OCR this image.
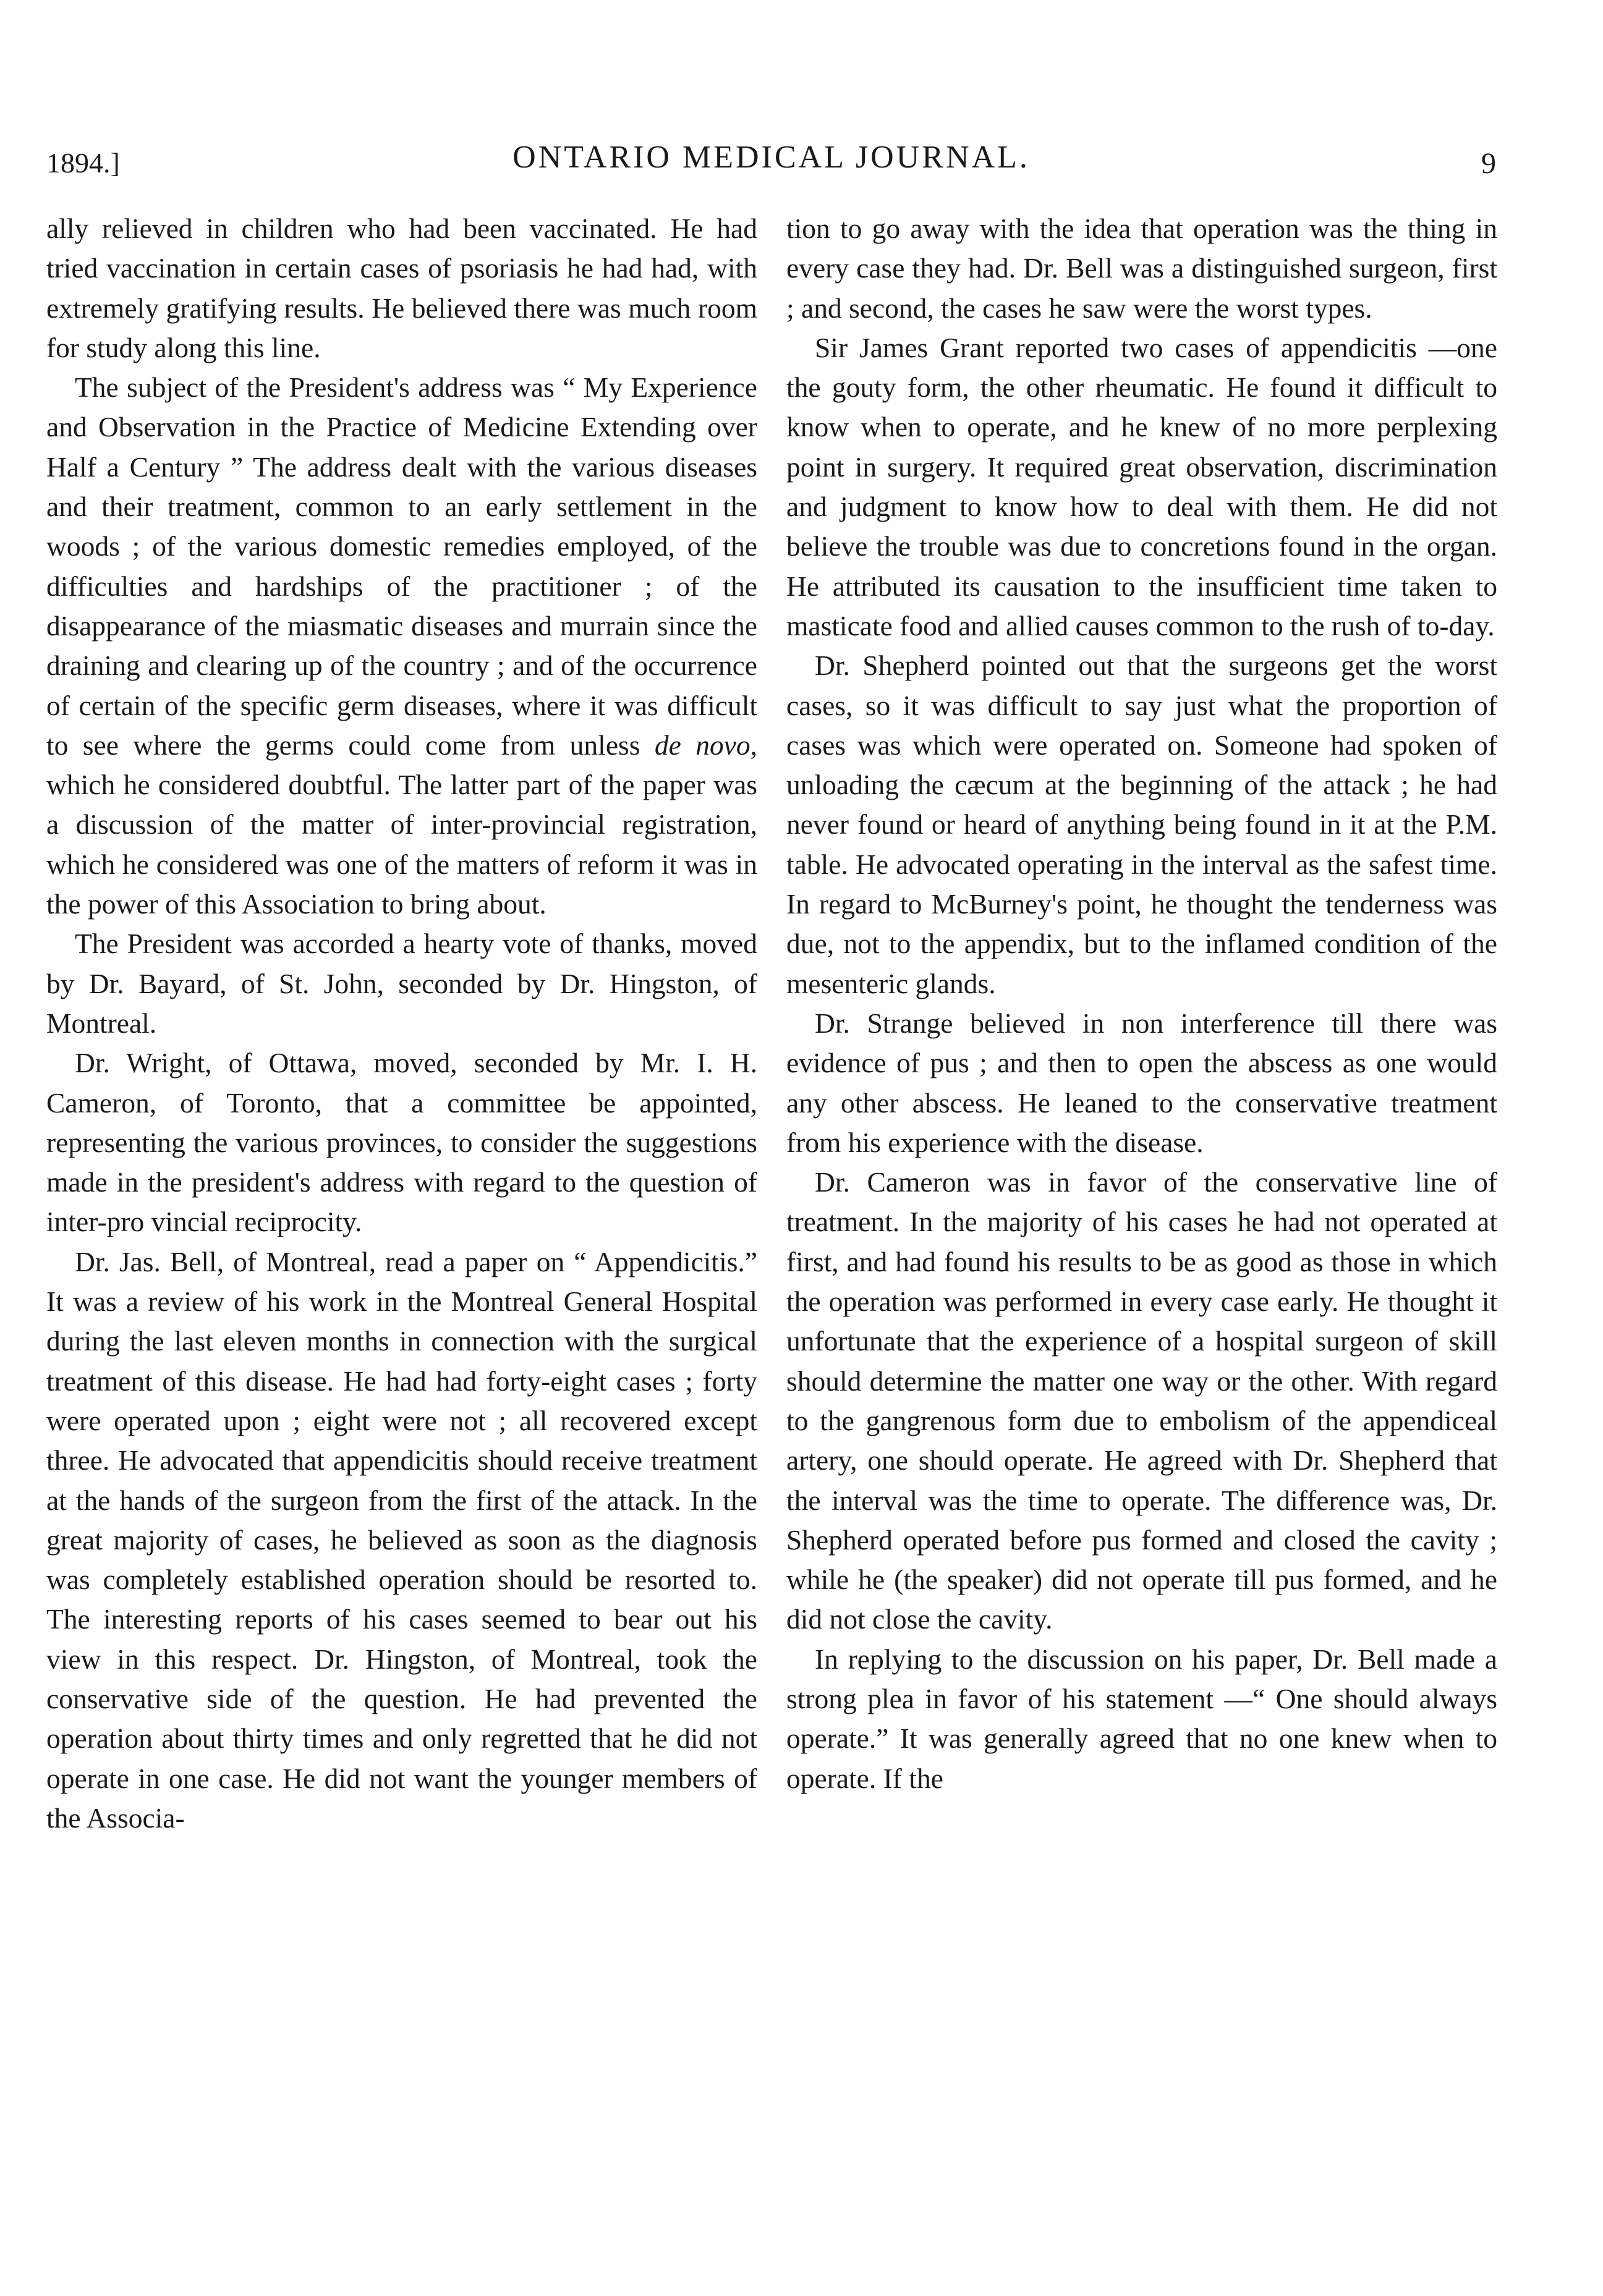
1894.]	ONTARIO MEDICAL JOURNAL.	9

ally relieved in children who had been vaccinated. He had tried vaccination in certain cases of psoriasis he had had, with extremely gratifying results. He believed there was much room for study along this line.

The subject of the President's address was “ My Experience and Observation in the Practice of Medicine Extending over Half a Century ” The address dealt with the various diseases and their treatment, common to an early settlement in the woods ; of the various domestic remedies employed, of the difficulties and hardships of the practitioner ; of the disappearance of the miasmatic diseases and murrain since the draining and clearing up of the country ; and of the occurrence of certain of the specific germ diseases, where it was difficult to see where the germs could come from unless de novo, which he considered doubtful. The latter part of the paper was a discussion of the matter of inter-provincial registration, which he considered was one of the matters of reform it was in the power of this Association to bring about.

The President was accorded a hearty vote of thanks, moved by Dr. Bayard, of St. John, seconded by Dr. Hingston, of Montreal.

Dr. Wright, of Ottawa, moved, seconded by Mr. I. H. Cameron, of Toronto, that a committee be appointed, representing the various provinces, to consider the suggestions made in the president's address with regard to the question of inter-pro vincial reciprocity.

Dr. Jas. Bell, of Montreal, read a paper on “ Appendicitis.” It was a review of his work in the Montreal General Hospital during the last eleven months in connection with the surgical treatment of this disease. He had had forty-eight cases ; forty were operated upon ; eight were not ; all recovered except three. He advocated that appendicitis should receive treatment at the hands of the surgeon from the first of the attack. In the great majority of cases, he believed as soon as the diagnosis was completely established operation should be resorted to. The interesting reports of his cases seemed to bear out his view in this respect. Dr. Hingston, of Montreal, took the conservative side of the question. He had prevented the operation about thirty times and only regretted that he did not operate in one case. He did not want the younger members of the Associa-

tion to go away with the idea that operation was the thing in every case they had. Dr. Bell was a distinguished surgeon, first ; and second, the cases he saw were the worst types.

Sir James Grant reported two cases of appendicitis —one the gouty form, the other rheumatic. He found it difficult to know when to operate, and he knew of no more perplexing point in surgery. It required great observation, discrimination and judgment to know how to deal with them. He did not believe the trouble was due to concretions found in the organ. He attributed its causation to the insufficient time taken to masticate food and allied causes common to the rush of to-day.

Dr. Shepherd pointed out that the surgeons get the worst cases, so it was difficult to say just what the proportion of cases was which were operated on. Someone had spoken of unloading the cæcum at the beginning of the attack ; he had never found or heard of anything being found in it at the P.M. table. He advocated operating in the interval as the safest time. In regard to McBurney's point, he thought the tenderness was due, not to the appendix, but to the inflamed condition of the mesenteric glands.

Dr. Strange believed in non interference till there was evidence of pus ; and then to open the abscess as one would any other abscess. He leaned to the conservative treatment from his experience with the disease.

Dr. Cameron was in favor of the conservative line of treatment. In the majority of his cases he had not operated at first, and had found his results to be as good as those in which the operation was performed in every case early. He thought it unfortunate that the experience of a hospital surgeon of skill should determine the matter one way or the other. With regard to the gangrenous form due to embolism of the appendiceal artery, one should operate. He agreed with Dr. Shepherd that the interval was the time to operate. The difference was, Dr. Shepherd operated before pus formed and closed the cavity ; while he (the speaker) did not operate till pus formed, and he did not close the cavity.

In replying to the discussion on his paper, Dr. Bell made a strong plea in favor of his statement —“ One should always operate.” It was generally agreed that no one knew when to operate. If the
